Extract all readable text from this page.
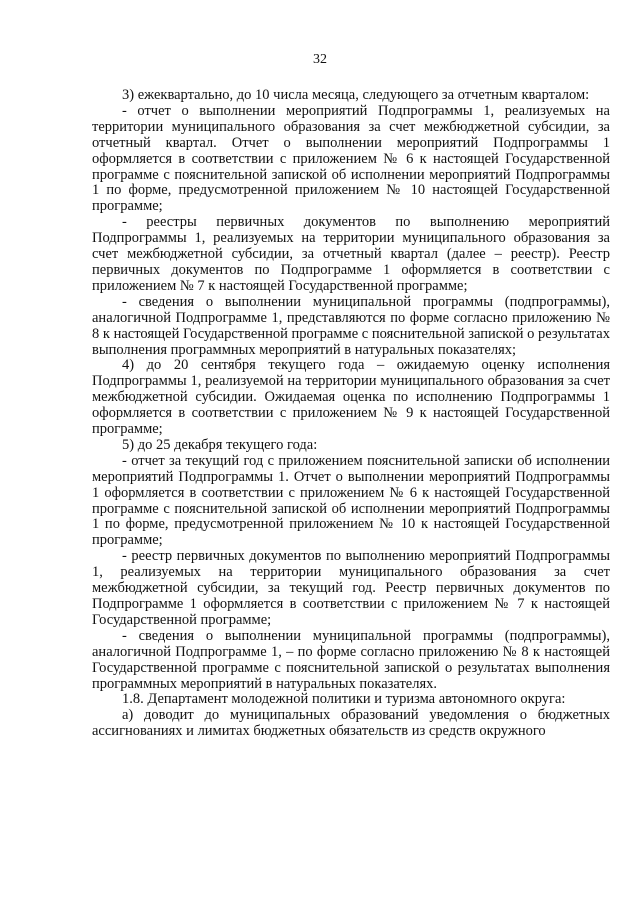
32

3) ежеквартально, до 10 числа месяца, следующего за отчетным кварталом:

- отчет о выполнении мероприятий Подпрограммы 1, реализуемых на территории муниципального образования за счет межбюджетной субсидии, за отчетный квартал. Отчет о выполнении мероприятий Подпрограммы 1 оформляется в соответствии с приложением № 6 к настоящей Государственной программе с пояснительной запиской об исполнении мероприятий Подпрограммы 1 по форме, предусмотренной приложением № 10 настоящей Государственной программе;

- реестры первичных документов по выполнению мероприятий Подпрограммы 1, реализуемых на территории муниципального образования за счет межбюджетной субсидии, за отчетный квартал (далее – реестр). Реестр первичных документов по Подпрограмме 1 оформляется в соответствии с приложением № 7 к настоящей Государственной программе;

- сведения о выполнении муниципальной программы (подпрограммы), аналогичной Подпрограмме 1, представляются по форме согласно приложению № 8 к настоящей Государственной программе с пояснительной запиской о результатах выполнения программных мероприятий в натуральных показателях;

4) до 20 сентября текущего года – ожидаемую оценку исполнения Подпрограммы 1, реализуемой на территории муниципального образования за счет межбюджетной субсидии. Ожидаемая оценка по исполнению Подпрограммы 1 оформляется в соответствии с приложением № 9 к настоящей Государственной программе;

5) до 25 декабря текущего года:

- отчет за текущий год с приложением пояснительной записки об исполнении мероприятий Подпрограммы 1. Отчет о выполнении мероприятий Подпрограммы 1 оформляется в соответствии с приложением № 6 к настоящей Государственной программе с пояснительной запиской об исполнении мероприятий Подпрограммы 1 по форме, предусмотренной приложением № 10 к настоящей Государственной программе;

- реестр первичных документов по выполнению мероприятий Подпрограммы 1, реализуемых на территории муниципального образования за счет межбюджетной субсидии, за текущий год. Реестр первичных документов по Подпрограмме 1 оформляется в соответствии с приложением № 7 к настоящей Государственной программе;

- сведения о выполнении муниципальной программы (подпрограммы), аналогичной Подпрограмме 1, – по форме согласно приложению № 8 к настоящей Государственной программе с пояснительной запиской о результатах выполнения программных мероприятий в натуральных показателях.

1.8. Департамент молодежной политики и туризма автономного округа:

а) доводит до муниципальных образований уведомления о бюджетных ассигнованиях и лимитах бюджетных обязательств из средств окружного
